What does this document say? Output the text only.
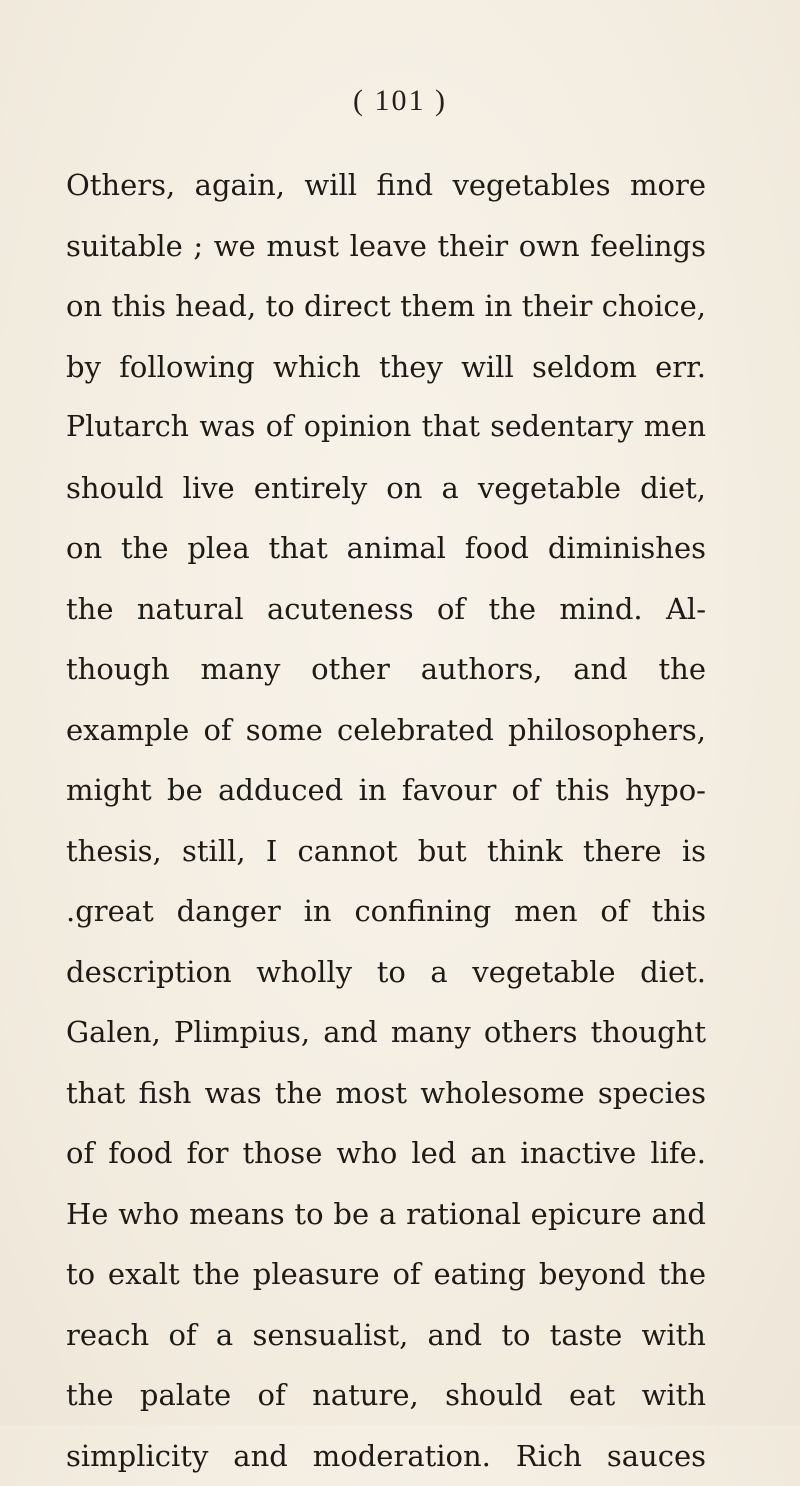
( 101 )
Others, again, will find vegetables more
suitable ; we must leave their own feelings
on this head, to direct them in their choice,
by following which they will seldom err.
Plutarch was of opinion that sedentary men
should live entirely on a vegetable diet,
on the plea that animal food diminishes
the natural acuteness of the mind. Al-
though many other authors, and the
example of some celebrated philosophers,
might be adduced in favour of this hypo-
thesis, still, I cannot but think there is
.great danger in confining men of this
description wholly to a vegetable diet.
Galen, Plimpius, and many others thought
that fish was the most wholesome species
of food for those who led an inactive life.
He who means to be a rational epicure and
to exalt the pleasure of eating beyond the
reach of a sensualist, and to taste with
the palate of nature, should eat with
simplicity and moderation. Rich sauces
